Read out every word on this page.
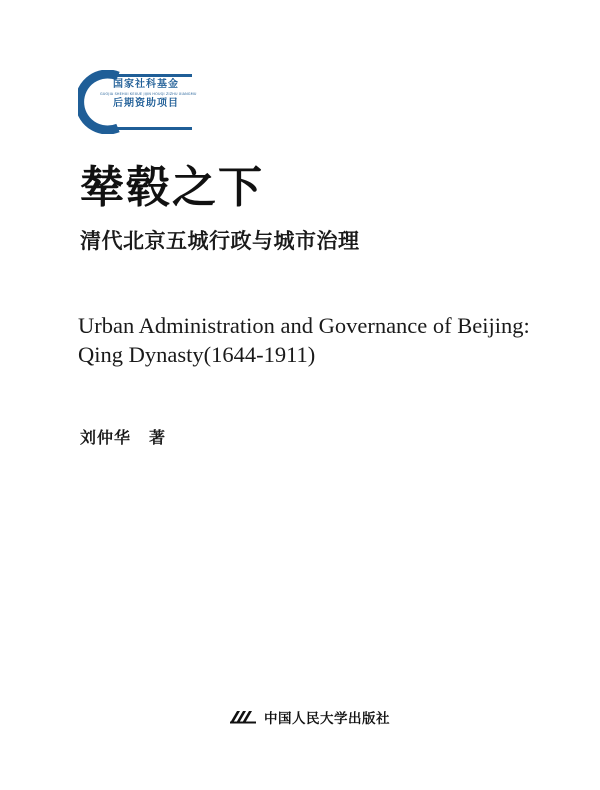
国家社科基金
GUOJIA SHEHUI KEXUE JIJIN HOUQI ZIZHU XIANGMU
后期资助项目
辇毂之下
清代北京五城行政与城市治理
Urban Administration and Governance of Beijing:
Qing Dynasty(1644-1911)
刘仲华 著
中国人民大学出版社
